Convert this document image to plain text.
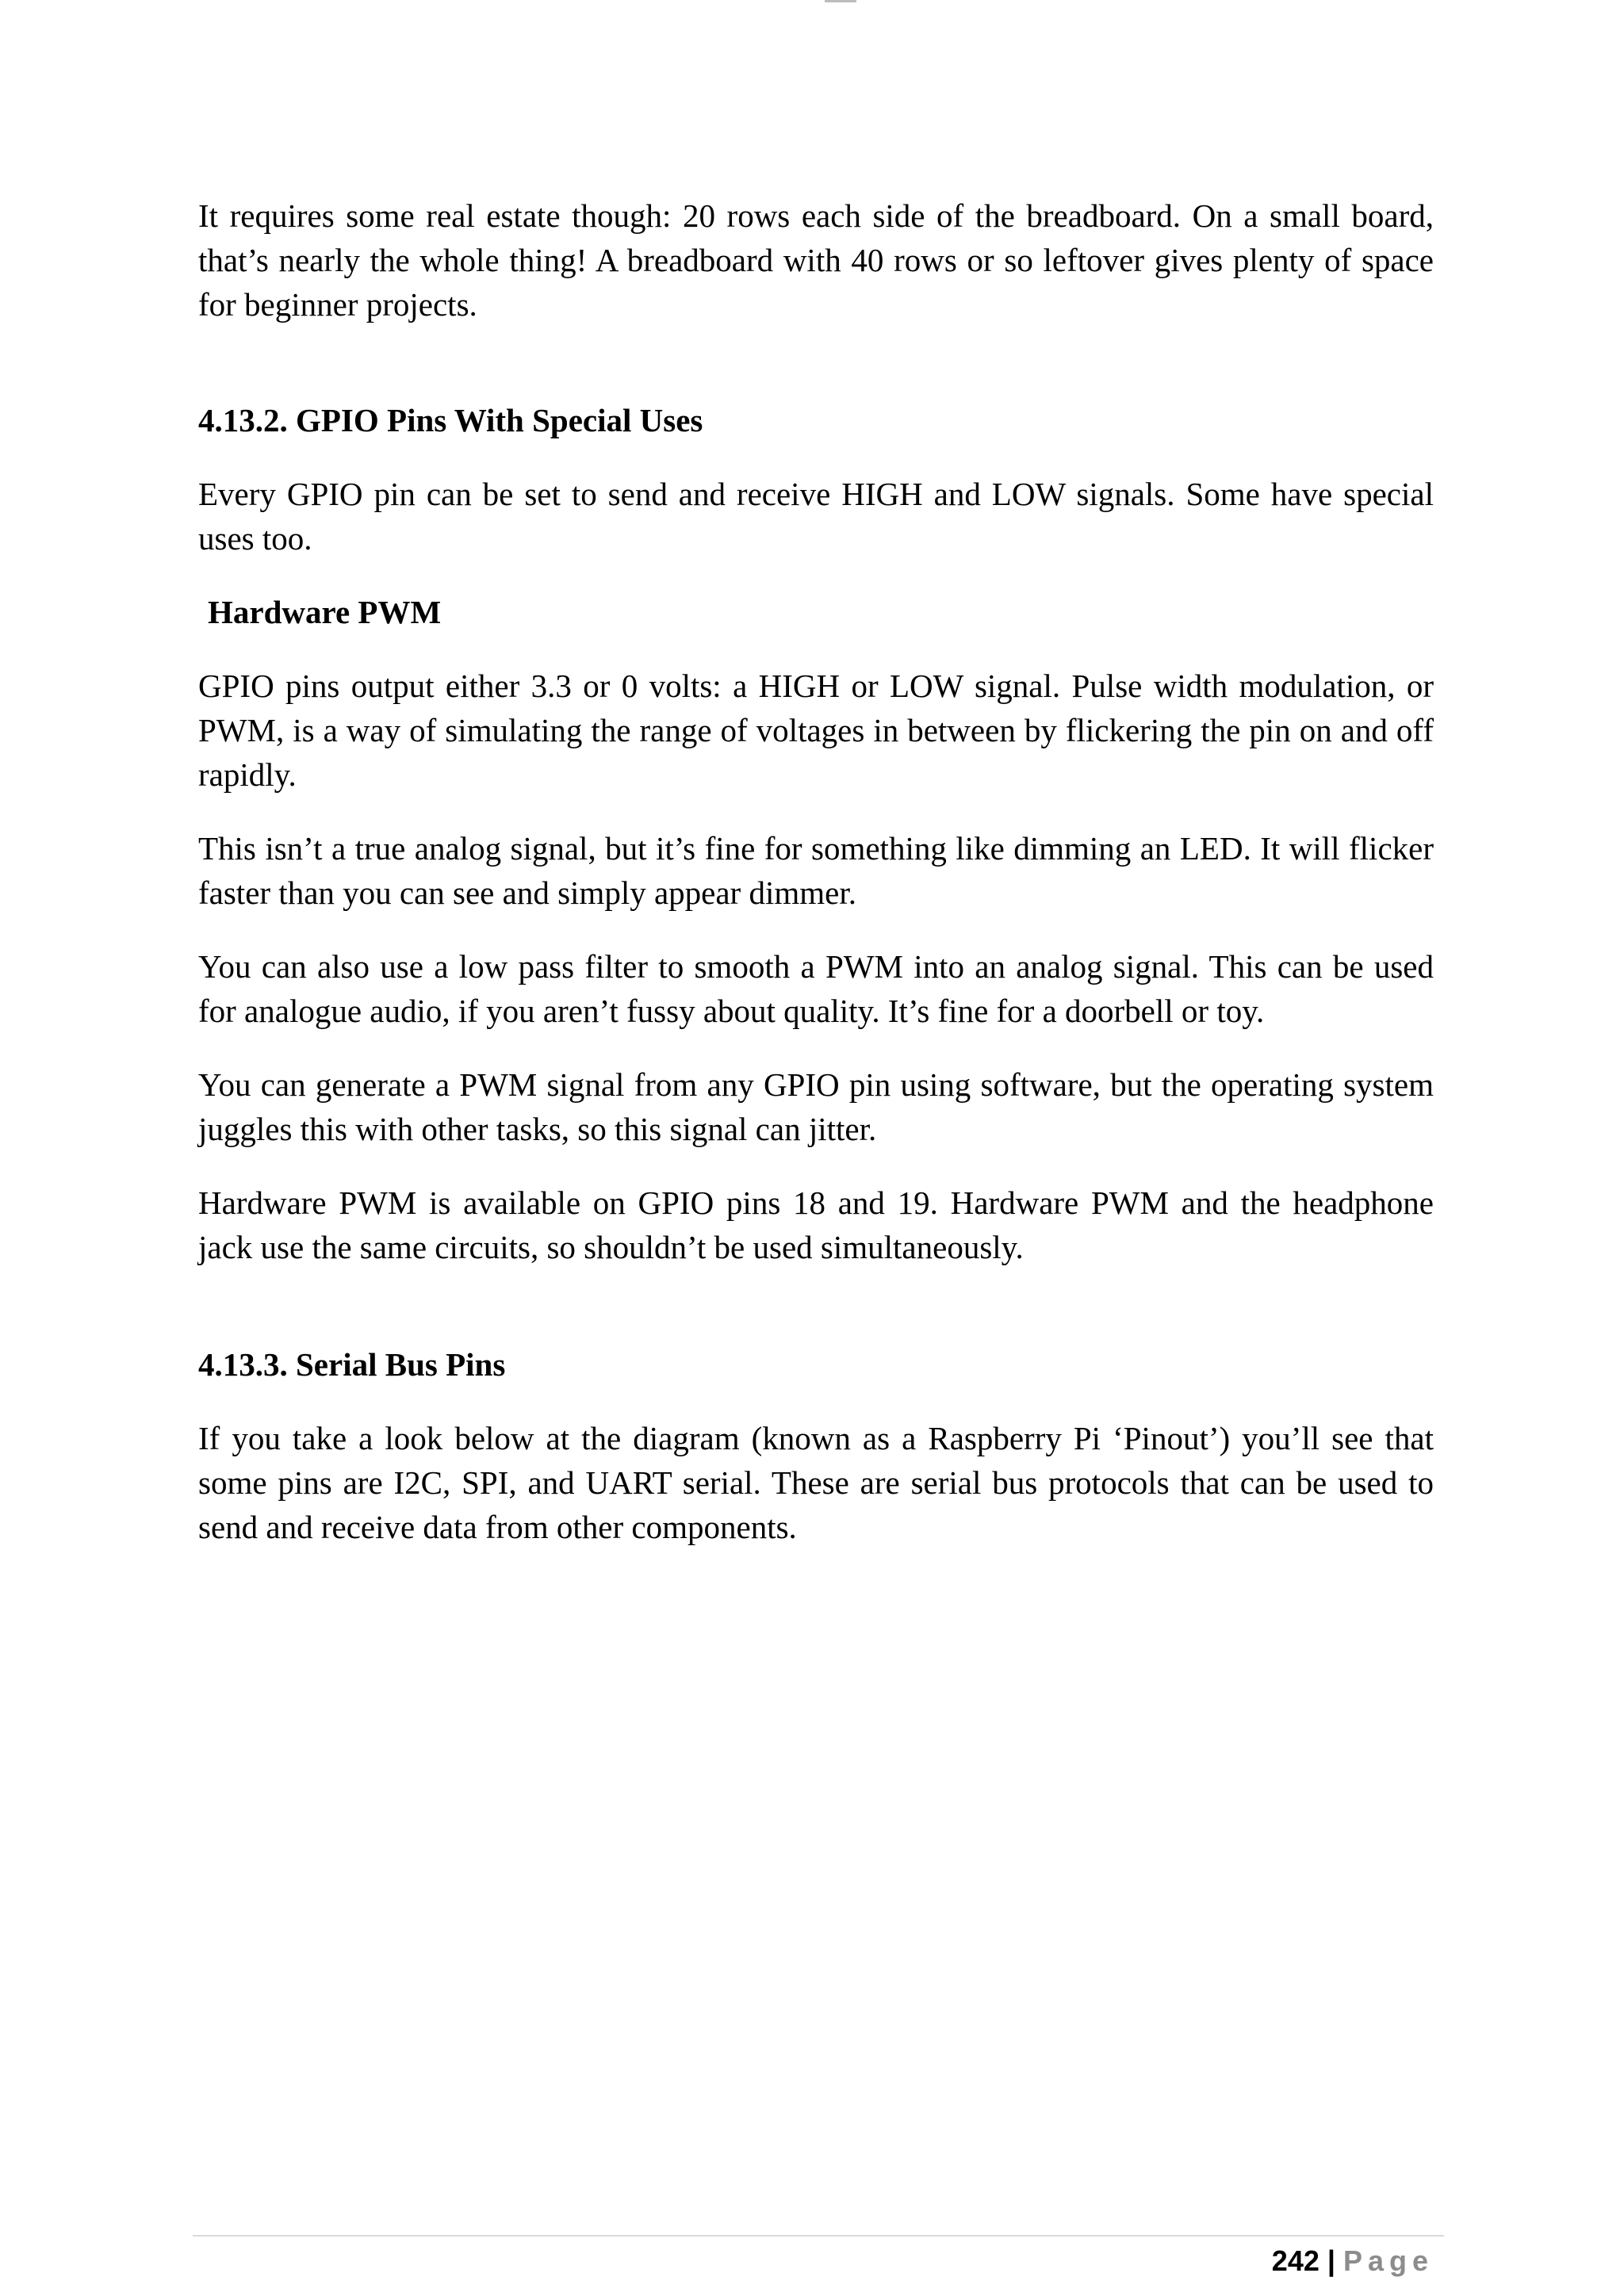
It requires some real estate though: 20 rows each side of the breadboard. On a small board, that’s nearly the whole thing! A breadboard with 40 rows or so leftover gives plenty of space for beginner projects.

4.13.2. GPIO Pins With Special Uses

Every GPIO pin can be set to send and receive HIGH and LOW signals. Some have special uses too.

Hardware PWM

GPIO pins output either 3.3 or 0 volts: a HIGH or LOW signal. Pulse width modulation, or PWM, is a way of simulating the range of voltages in between by flickering the pin on and off rapidly.

This isn’t a true analog signal, but it’s fine for something like dimming an LED. It will flicker faster than you can see and simply appear dimmer.

You can also use a low pass filter to smooth a PWM into an analog signal. This can be used for analogue audio, if you aren’t fussy about quality. It’s fine for a doorbell or toy.

You can generate a PWM signal from any GPIO pin using software, but the operating system juggles this with other tasks, so this signal can jitter.

Hardware PWM is available on GPIO pins 18 and 19. Hardware PWM and the headphone jack use the same circuits, so shouldn’t be used simultaneously.

4.13.3. Serial Bus Pins

If you take a look below at the diagram (known as a Raspberry Pi ‘Pinout’) you’ll see that some pins are I2C, SPI, and UART serial. These are serial bus protocols that can be used to send and receive data from other components.

242 | Page
